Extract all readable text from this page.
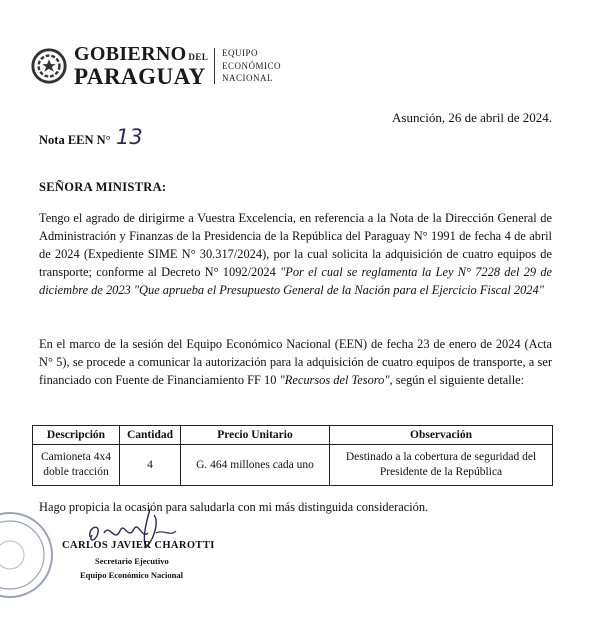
GOBIERNO DEL
PARAGUAY
EQUIPO
ECONÓMICO
NACIONAL
Asunción, 26 de abril de 2024.
Nota EEN N° 13
SEÑORA MINISTRA:
Tengo el agrado de dirigirme a Vuestra Excelencia, en referencia a la Nota de la Dirección General de Administración y Finanzas de la Presidencia de la República del Paraguay N° 1991 de fecha 4 de abril de 2024 (Expediente SIME N° 30.317/2024), por la cual solicita la adquisición de cuatro equipos de transporte; conforme al Decreto N° 1092/2024 "Por el cual se reglamenta la Ley N° 7228 del 29 de diciembre de 2023 "Que aprueba el Presupuesto General de la Nación para el Ejercicio Fiscal 2024"
En el marco de la sesión del Equipo Económico Nacional (EEN) de fecha 23 de enero de 2024 (Acta N° 5), se procede a comunicar la autorización para la adquisición de cuatro equipos de transporte, a ser financiado con Fuente de Financiamiento FF 10 "Recursos del Tesoro", según el siguiente detalle:
Descripción	Cantidad	Precio Unitario	Observación
Camioneta 4x4 doble tracción	4	G. 464 millones cada uno	Destinado a la cobertura de seguridad del Presidente de la República
Hago propicia la ocasión para saludarla con mi más distinguida consideración.
CARLOS JAVIER CHAROTTI
Secretario Ejecutivo
Equipo Económico Nacional
